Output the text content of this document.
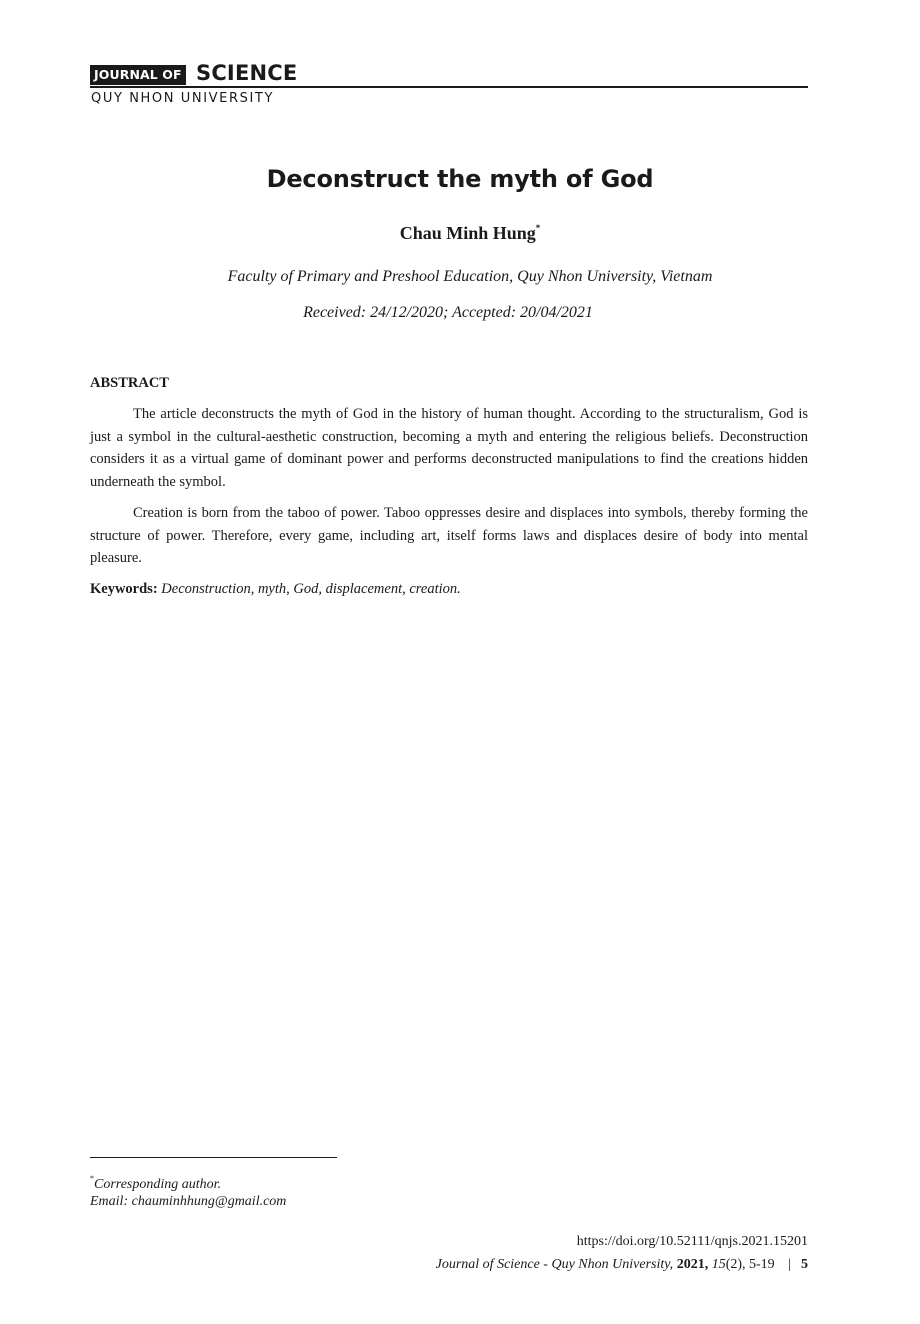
JOURNAL OF SCIENCE
QUY NHON UNIVERSITY
Deconstruct the myth of God
Chau Minh Hung*
Faculty of Primary and Preshool Education, Quy Nhon University, Vietnam
Received: 24/12/2020; Accepted: 20/04/2021
ABSTRACT

The article deconstructs the myth of God in the history of human thought. According to the structuralism, God is just a symbol in the cultural-aesthetic construction, becoming a myth and entering the religious beliefs. Deconstruction considers it as a virtual game of dominant power and performs deconstructed manipulations to find the creations hidden underneath the symbol.

Creation is born from the taboo of power. Taboo oppresses desire and displaces into symbols, thereby forming the structure of power. Therefore, every game, including art, itself forms laws and displaces desire of body into mental pleasure.

Keywords: Deconstruction, myth, God, displacement, creation.
*Corresponding author.
Email: chauminhhung@gmail.com
https://doi.org/10.52111/qnjs.2021.15201
Journal of Science - Quy Nhon University, 2021, 15(2), 5-19 | 5
